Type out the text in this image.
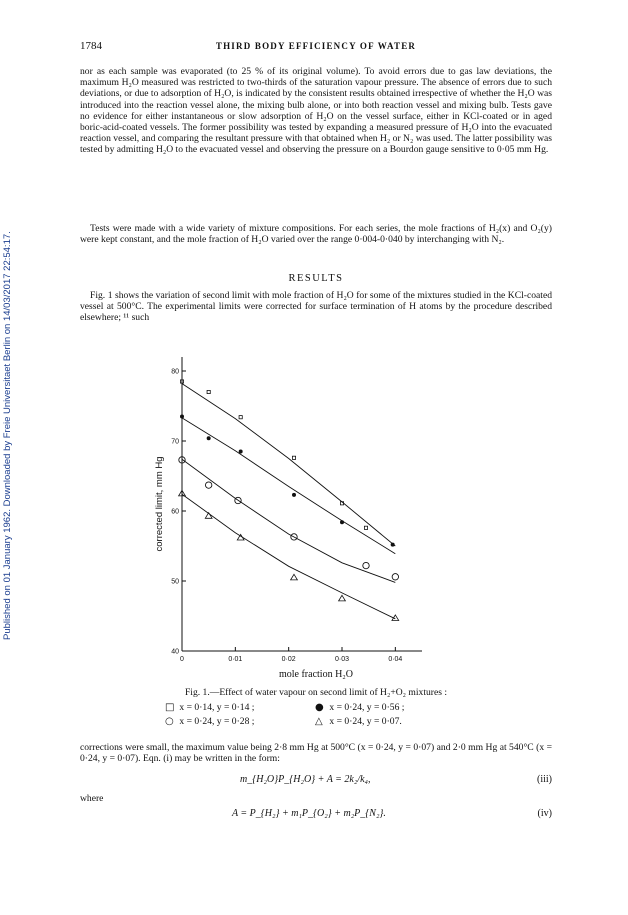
Published on 01 January 1962. Downloaded by Freie Universitaet Berlin on 14/03/2017 22:54:17.
1784	THIRD BODY EFFICIENCY OF WATER

nor as each sample was evaporated (to 25 % of its original volume). To avoid errors due to gas law deviations, the maximum H₂O measured was restricted to two-thirds of the saturation vapour pressure. The absence of errors due to such deviations, or due to adsorption of H₂O, is indicated by the consistent results obtained irrespective of whether the H₂O was introduced into the reaction vessel alone, the mixing bulb alone, or into both reaction vessel and mixing bulb. Tests gave no evidence for either instantaneous or slow adsorption of H₂O on the vessel surface, either in KCl-coated or in aged boric-acid-coated vessels. The former possibility was tested by expanding a measured pressure of H₂O into the evacuated reaction vessel, and comparing the resultant pressure with that obtained when H₂ or N₂ was used. The latter possibility was tested by admitting H₂O to the evacuated vessel and observing the pressure on a Bourdon gauge sensitive to 0·05 mm Hg.

Tests were made with a wide variety of mixture compositions. For each series, the mole fractions of H₂(x) and O₂(y) were kept constant, and the mole fraction of H₂O varied over the range 0·004-0·040 by interchanging with N₂.

RESULTS

Fig. 1 shows the variation of second limit with mole fraction of H₂O for some of the mixtures studied in the KCl-coated vessel at 500°C. The experimental limits were corrected for surface termination of H atoms by the procedure described elsewhere; ¹¹ such

0	0·01	0·02	0·03	0·04
40
50
60
70
80
corrected limit, mm Hg
mole fraction H₂O
Fig. 1.—Effect of water vapour on second limit of H₂+O₂ mixtures :
□ x = 0·14, y = 0·14 ;	● x = 0·24, y = 0·56 ;
○ x = 0·24, y = 0·28 ;	△ x = 0·24, y = 0·07.

corrections were small, the maximum value being 2·8 mm Hg at 500°C (x = 0·24, y = 0·07) and 2·0 mm Hg at 540°C (x = 0·24, y = 0·07). Eqn. (i) may be written in the form:

m_{H₂O}P_{H₂O} + A = 2k₂/k₄,	(iii)
where
A = P_{H₂} + m₁P_{O₂} + m₂P_{N₂}.	(iv)
